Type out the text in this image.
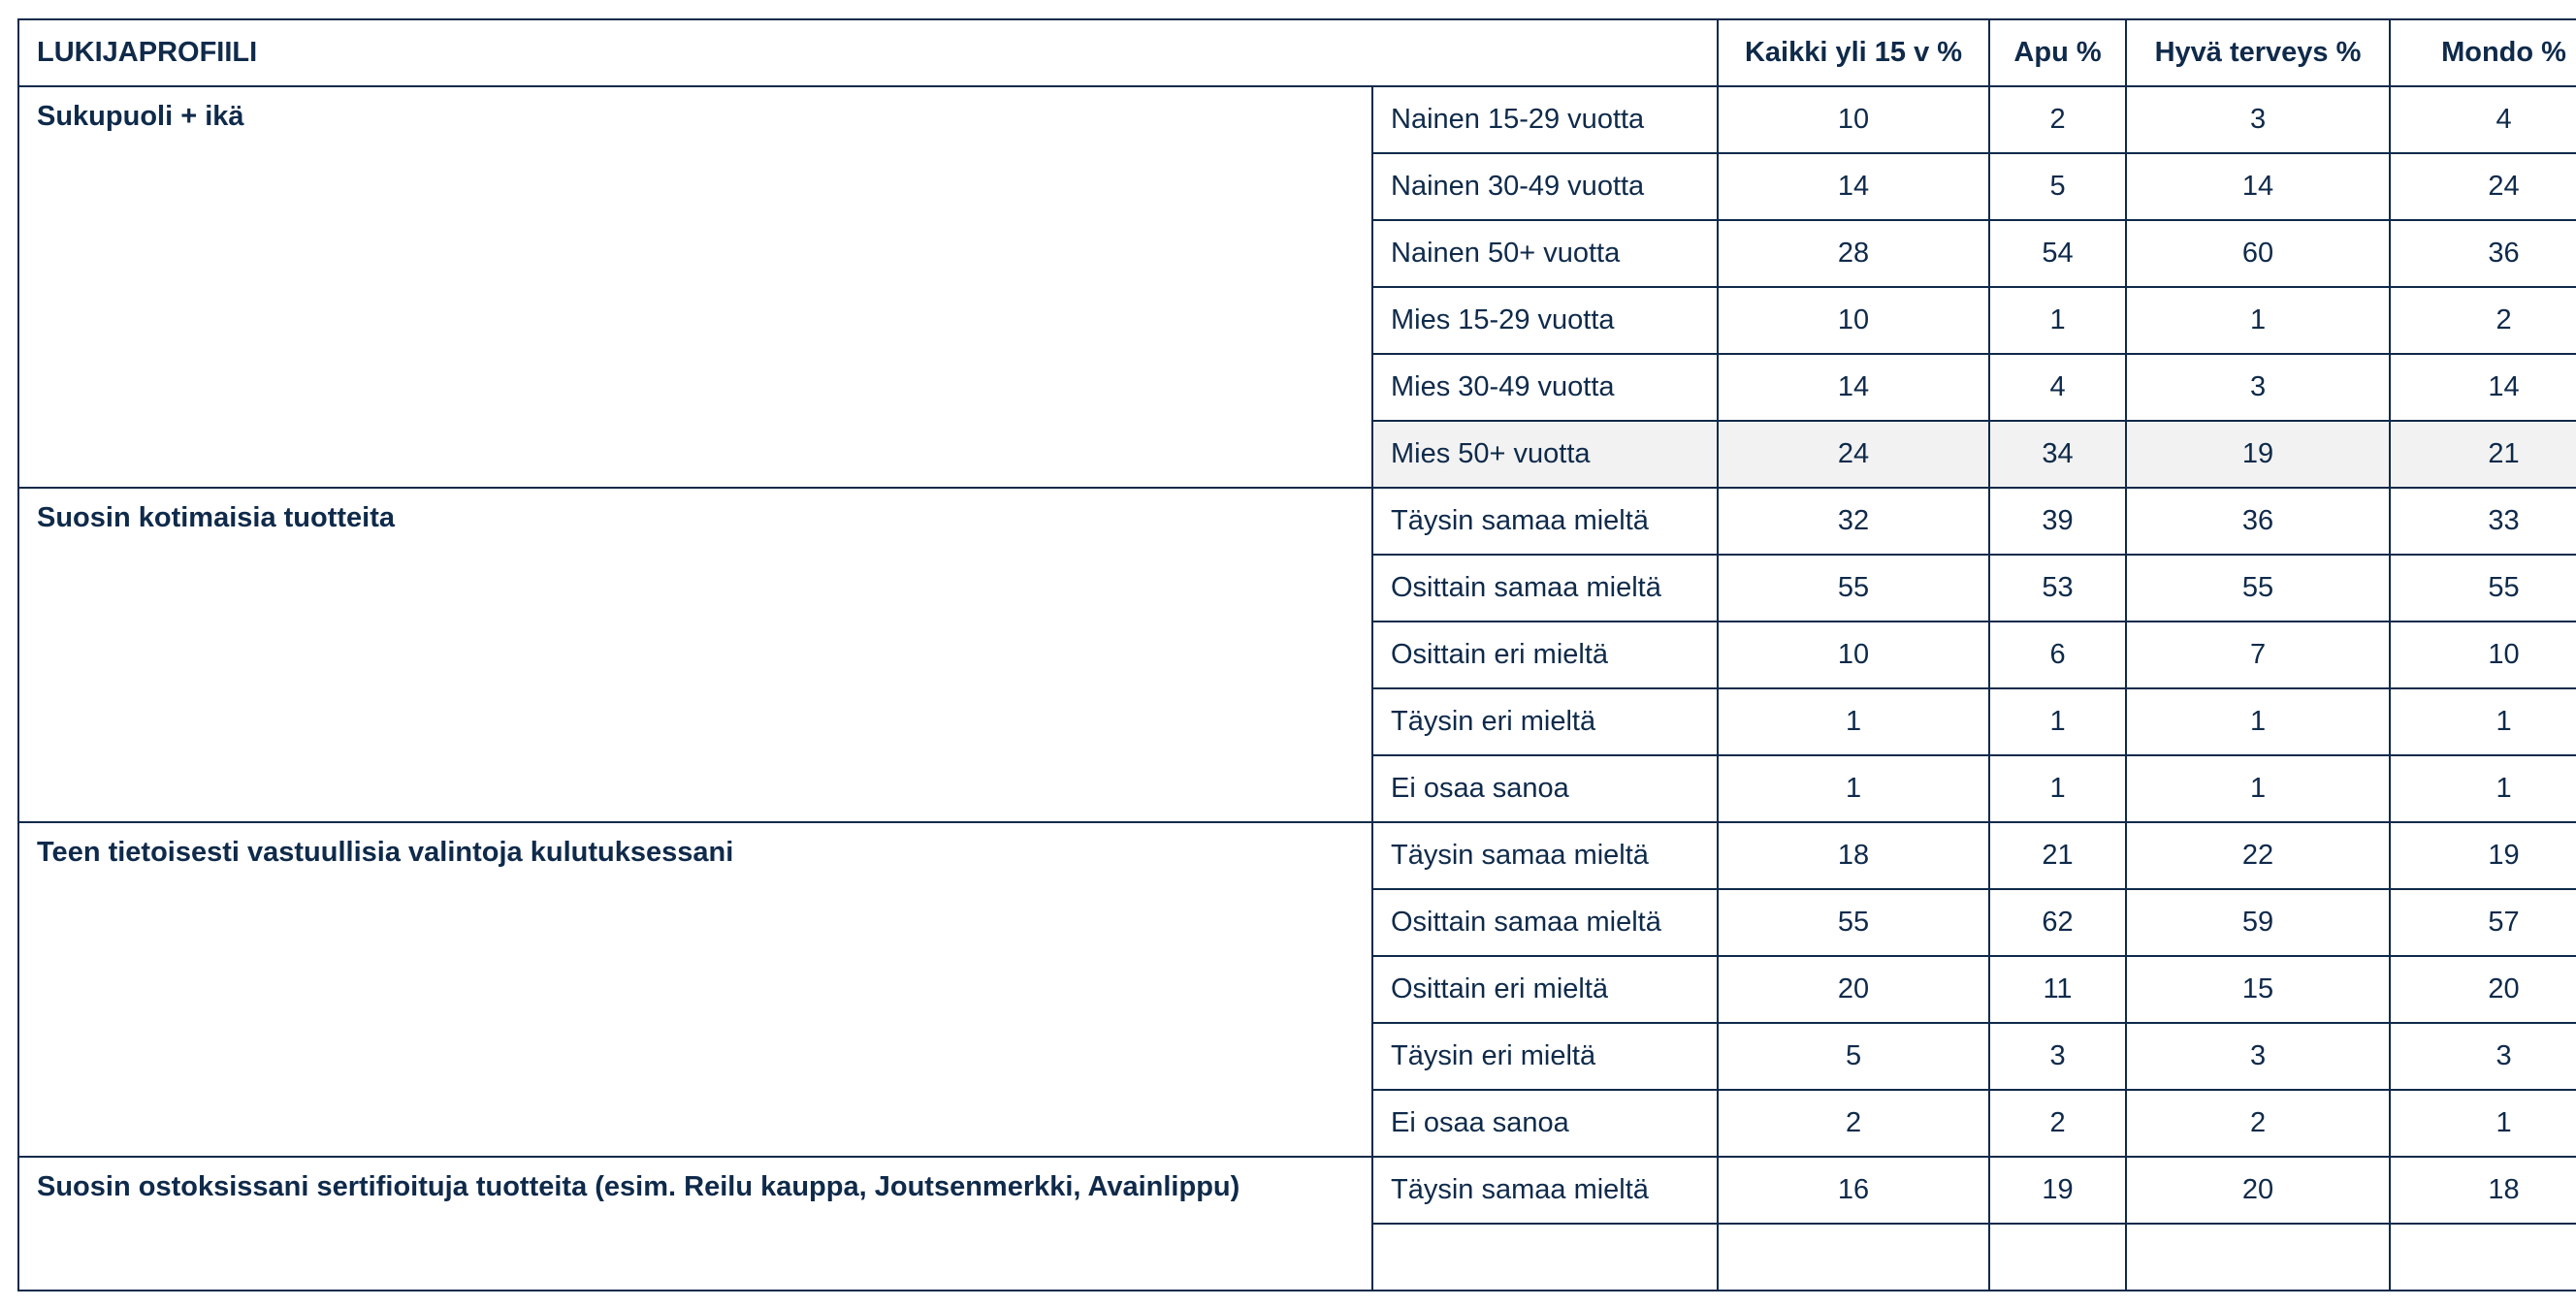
LUKIJAPROFIILI		Kaikki yli 15 v %	Apu %	Hyvä terveys %	Mondo %
Sukupuoli + ikä	Nainen 15-29 vuotta	10	2	3	4
	Nainen 30-49 vuotta	14	5	14	24
	Nainen 50+ vuotta	28	54	60	36
	Mies 15-29 vuotta	10	1	1	2
	Mies 30-49 vuotta	14	4	3	14
	Mies 50+ vuotta	24	34	19	21
Suosin kotimaisia tuotteita	Täysin samaa mieltä	32	39	36	33
	Osittain samaa mieltä	55	53	55	55
	Osittain eri mieltä	10	6	7	10
	Täysin eri mieltä	1	1	1	1
	Ei osaa sanoa	1	1	1	1
Teen tietoisesti vastuullisia valintoja kulutuksessani	Täysin samaa mieltä	18	21	22	19
	Osittain samaa mieltä	55	62	59	57
	Osittain eri mieltä	20	11	15	20
	Täysin eri mieltä	5	3	3	3
	Ei osaa sanoa	2	2	2	1
Suosin ostoksissani sertifioituja tuotteita (esim. Reilu kauppa, Joutsenmerkki, Avainlippu)	Täysin samaa mieltä	16	19	20	18
